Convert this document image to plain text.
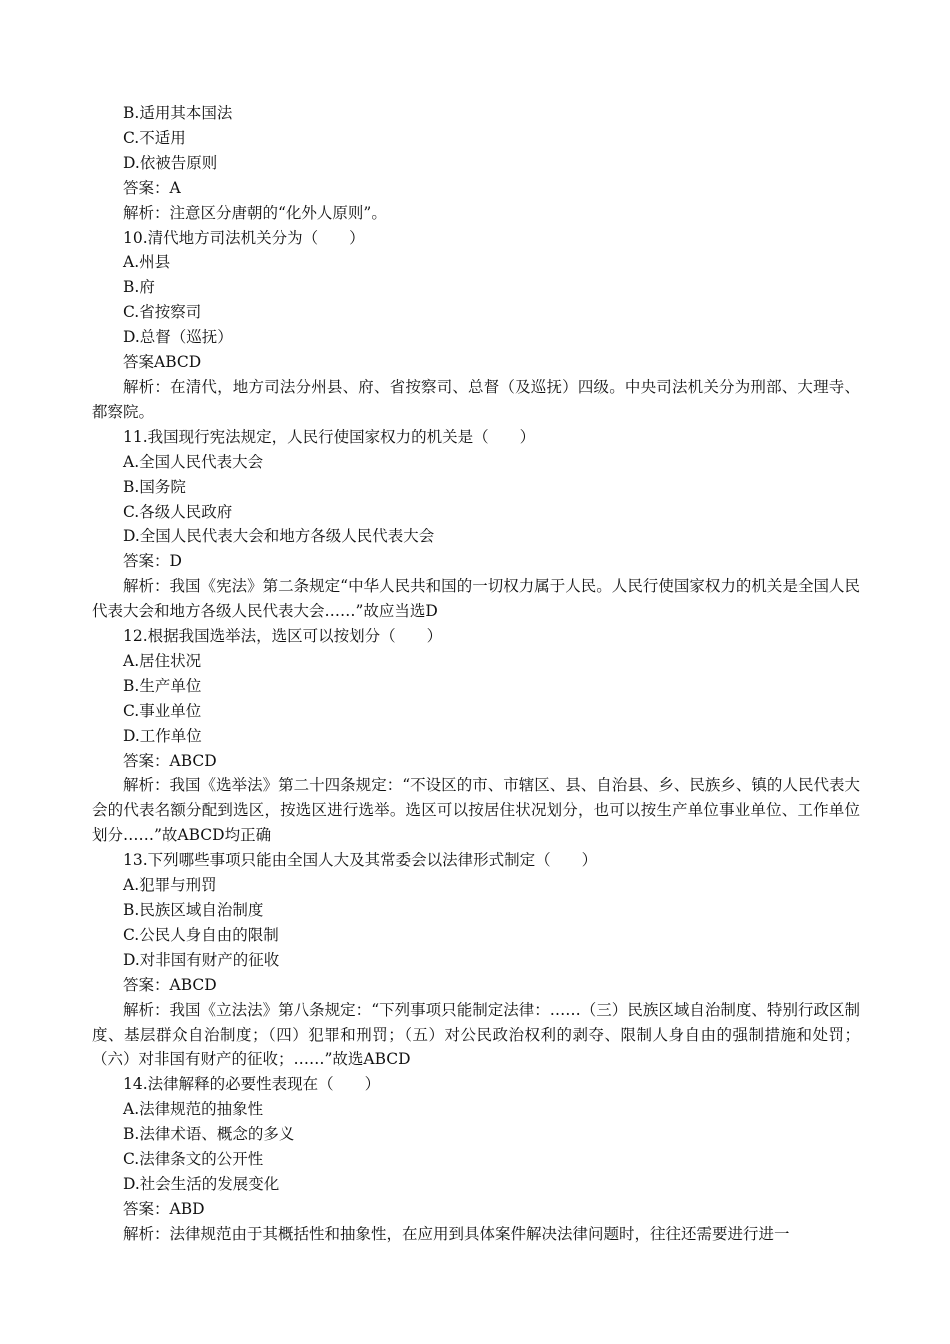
B.适用其本国法

C.不适用

D.依被告原则

答案：A

解析：注意区分唐朝的“化外人原则”。

10.清代地方司法机关分为（　　）

A.州县

B.府

C.省按察司

D.总督（巡抚）

答案ABCD

解析：在清代，地方司法分州县、府、省按察司、总督（及巡抚）四级。中央司法机关分为刑部、大理寺、都察院。

11.我国现行宪法规定，人民行使国家权力的机关是（　　）

A.全国人民代表大会

B.国务院

C.各级人民政府

D.全国人民代表大会和地方各级人民代表大会

答案：D

解析：我国《宪法》第二条规定“中华人民共和国的一切权力属于人民。人民行使国家权力的机关是全国人民代表大会和地方各级人民代表大会……”故应当选D

12.根据我国选举法，选区可以按划分（　　）

A.居住状况

B.生产单位

C.事业单位

D.工作单位

答案：ABCD

解析：我国《选举法》第二十四条规定：“不设区的市、市辖区、县、自治县、乡、民族乡、镇的人民代表大会的代表名额分配到选区，按选区进行选举。选区可以按居住状况划分，也可以按生产单位事业单位、工作单位划分……”故ABCD均正确

13.下列哪些事项只能由全国人大及其常委会以法律形式制定（　　）

A.犯罪与刑罚

B.民族区域自治制度

C.公民人身自由的限制

D.对非国有财产的征收

答案：ABCD

解析：我国《立法法》第八条规定：“下列事项只能制定法律：……（三）民族区域自治制度、特别行政区制度、基层群众自治制度；（四）犯罪和刑罚；（五）对公民政治权利的剥夺、限制人身自由的强制措施和处罚；（六）对非国有财产的征收；……”故选ABCD

14.法律解释的必要性表现在（　　）

A.法律规范的抽象性

B.法律术语、概念的多义

C.法律条文的公开性

D.社会生活的发展变化

答案：ABD

解析：法律规范由于其概括性和抽象性，在应用到具体案件解决法律问题时，往往还需要进行进一
